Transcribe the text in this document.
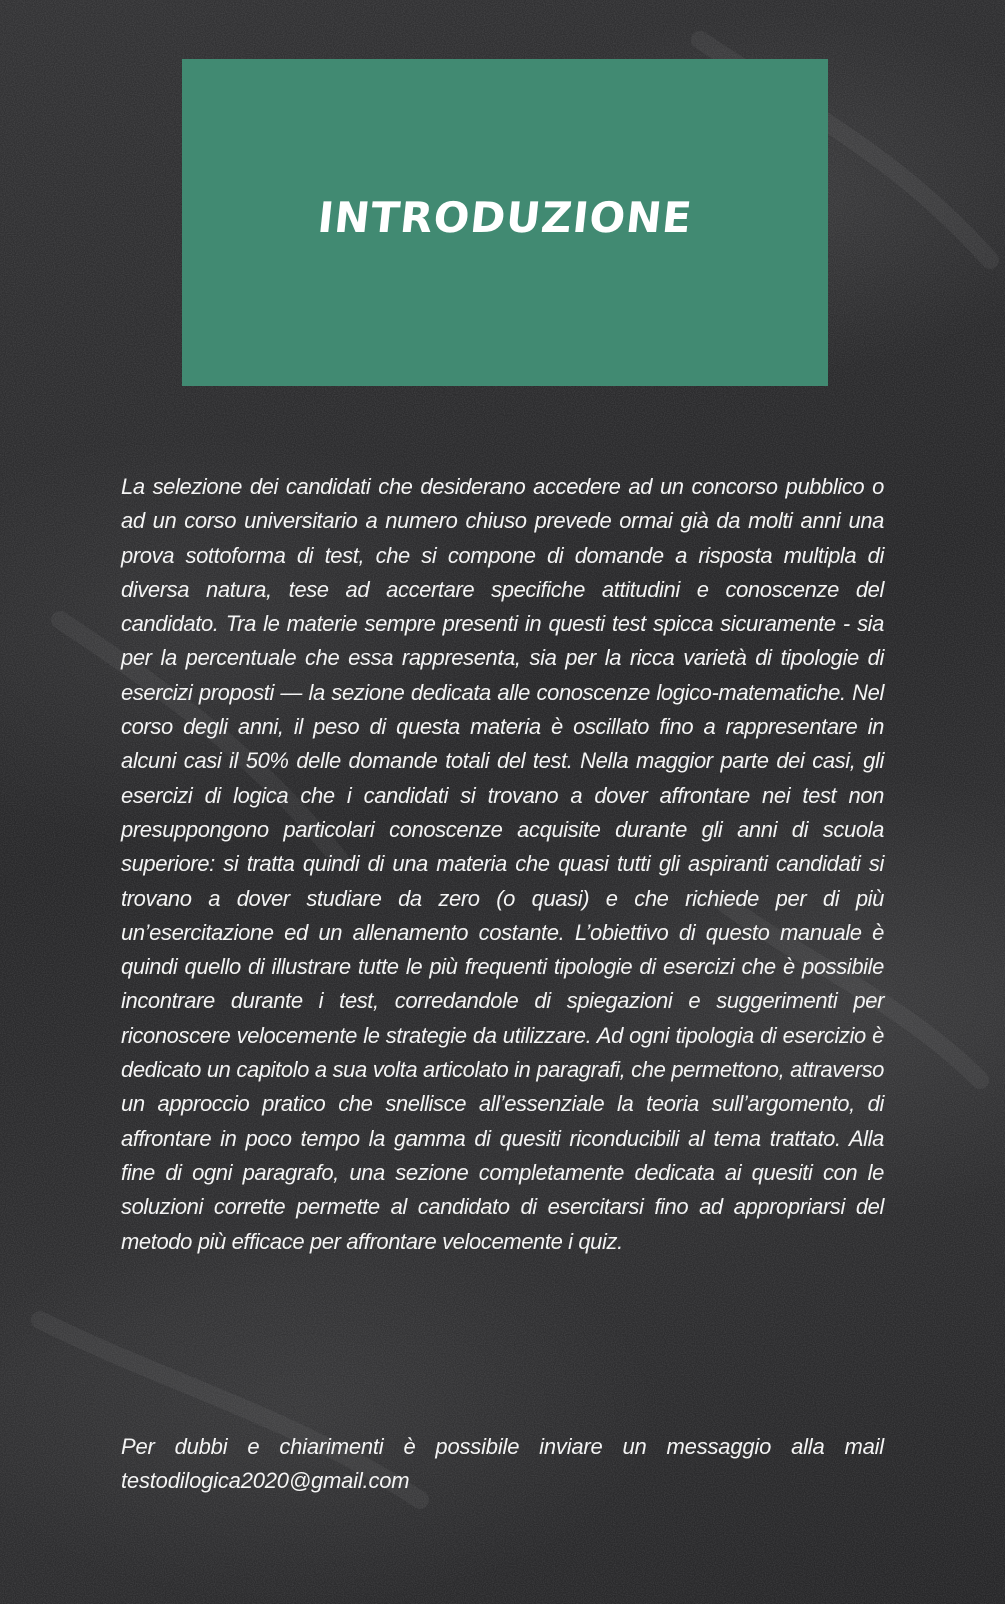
INTRODUZIONE

La selezione dei candidati che desiderano accedere ad un concorso pubblico o ad un corso universitario a numero chiuso prevede ormai già da molti anni una prova sottoforma di test, che si compone di domande a risposta multipla di diversa natura, tese ad accertare specifiche attitudini e conoscenze del candidato. Tra le materie sempre presenti in questi test spicca sicuramente - sia per la percentuale che essa rappresenta, sia per la ricca varietà di tipologie di esercizi proposti — la sezione dedicata alle conoscenze logico-matematiche. Nel corso degli anni, il peso di questa materia è oscillato fino a rappresentare in alcuni casi il 50% delle domande totali del test. Nella maggior parte dei casi, gli esercizi di logica che i candidati si trovano a dover affrontare nei test non presuppongono particolari conoscenze acquisite durante gli anni di scuola superiore: si tratta quindi di una materia che quasi tutti gli aspiranti candidati si trovano a dover studiare da zero (o quasi) e che richiede per di più un’esercitazione ed un allenamento costante. L’obiettivo di questo manuale è quindi quello di illustrare tutte le più frequenti tipologie di esercizi che è possibile incontrare durante i test, corredandole di spiegazioni e suggerimenti per riconoscere velocemente le strategie da utilizzare. Ad ogni tipologia di esercizio è dedicato un capitolo a sua volta articolato in paragrafi, che permettono, attraverso un approccio pratico che snellisce all’essenziale la teoria sull’argomento, di affrontare in poco tempo la gamma di quesiti riconducibili al tema trattato. Alla fine di ogni paragrafo, una sezione completamente dedicata ai quesiti con le soluzioni corrette permette al candidato di esercitarsi fino ad appropriarsi del metodo più efficace per affrontare velocemente i quiz.

Per dubbi e chiarimenti è possibile inviare un messaggio alla mail testodilogica2020@gmail.com
